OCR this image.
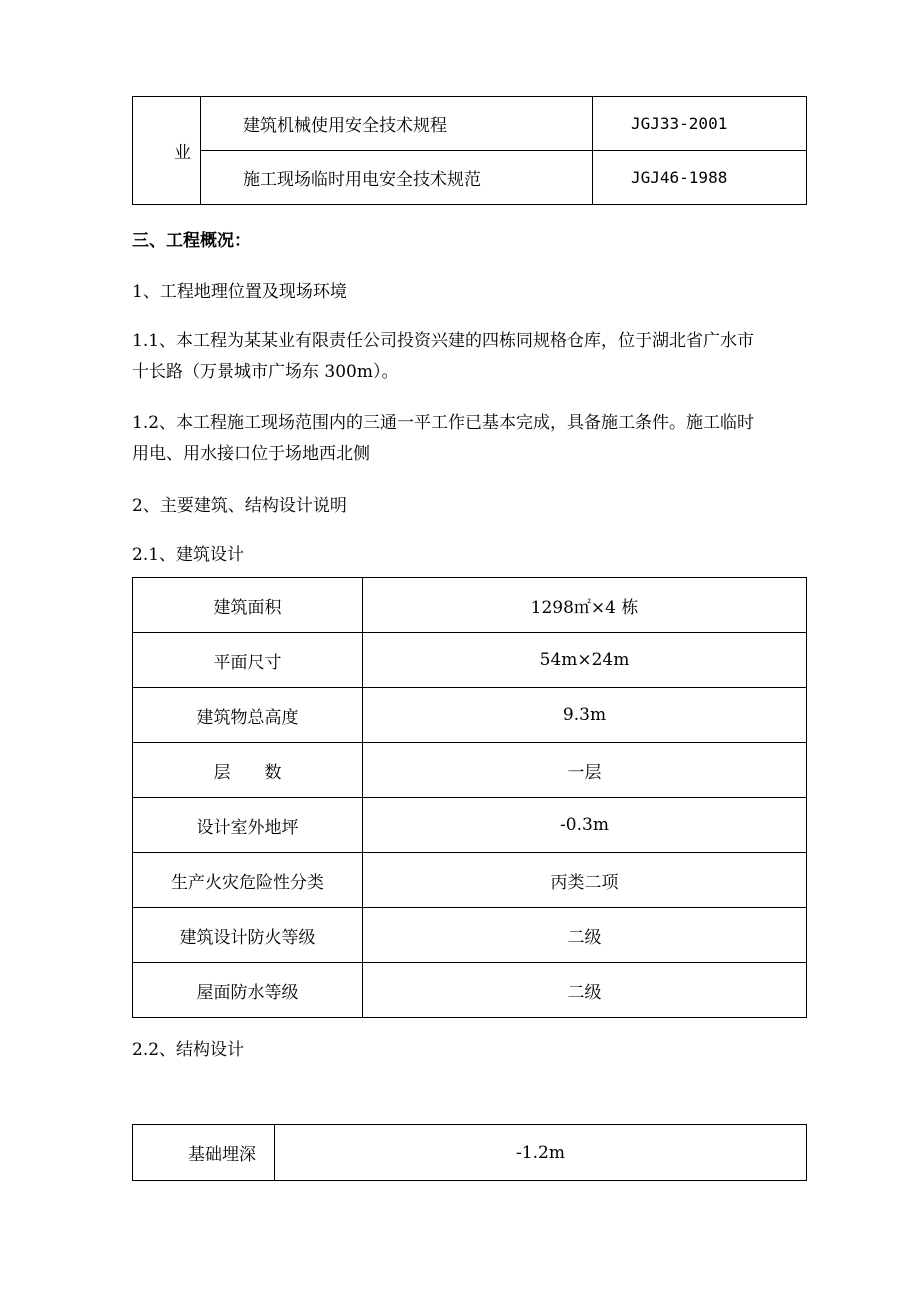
业	建筑机械使用安全技术规程	JGJ33-2001
	施工现场临时用电安全技术规范	JGJ46-1988

三、工程概况：

1、工程地理位置及现场环境

1.1、本工程为某某业有限责任公司投资兴建的四栋同规格仓库，位于湖北省广水市

十长路（万景城市广场东 300m）。

1.2、本工程施工现场范围内的三通一平工作已基本完成，具备施工条件。施工临时

用电、用水接口位于场地西北侧

2、主要建筑、结构设计说明

2.1、建筑设计

建筑面积	1298㎡×4 栋
平面尺寸	54m×24m
建筑物总高度	9.3m
层　　数	一层
设计室外地坪	-0.3m
生产火灾危险性分类	丙类二项
建筑设计防火等级	二级
屋面防水等级	二级

2.2、结构设计

基础埋深	-1.2m
